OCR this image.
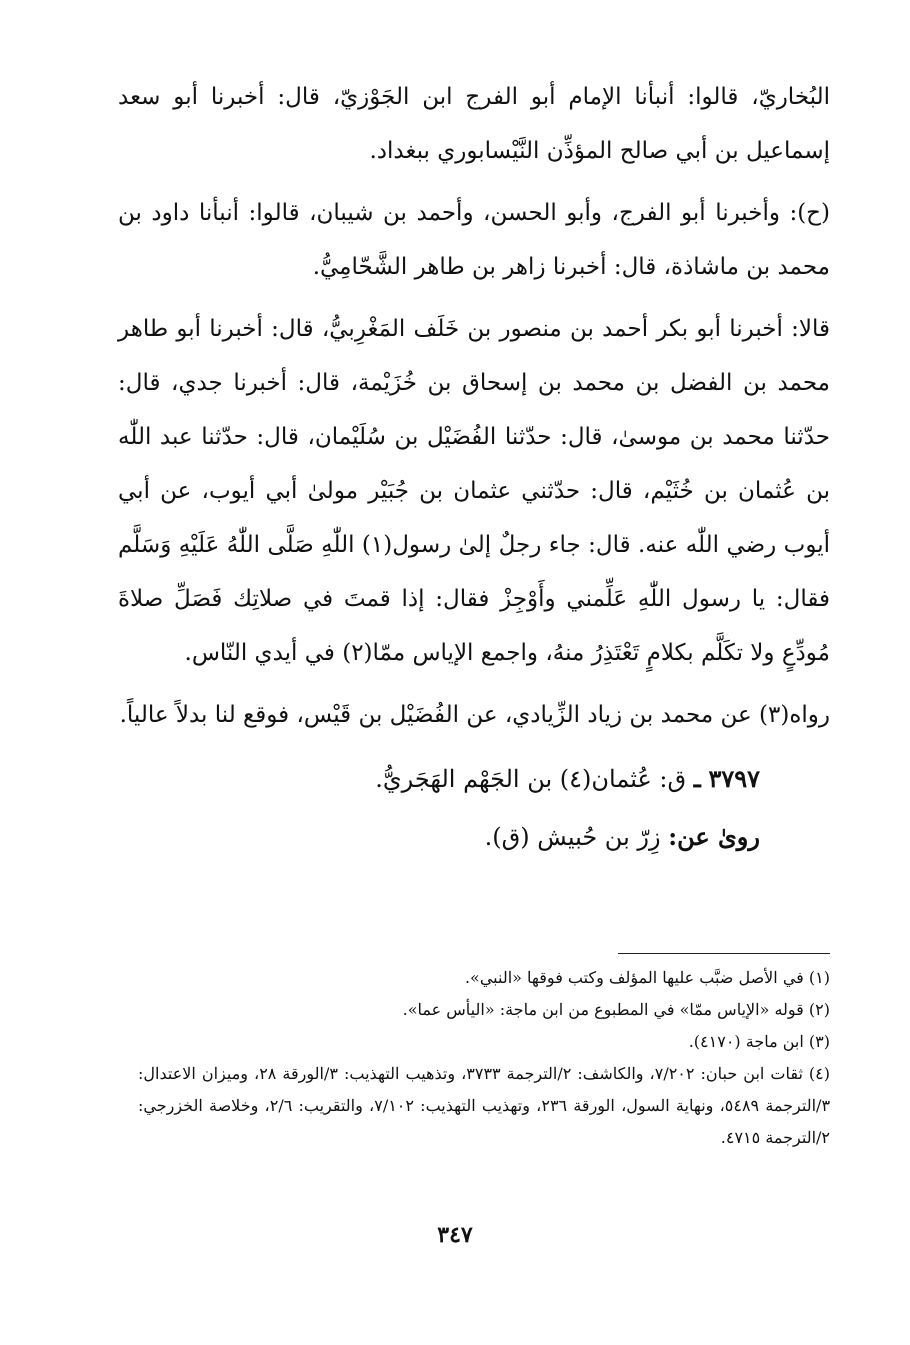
البُخاريّ، قالوا: أنبأنا الإمام أبو الفرج ابن الجَوْزيّ، قال: أخبرنا أبو سعد إسماعيل بن أبي صالح المؤذِّن النَّيْسابوري ببغداد.

(ح): وأخبرنا أبو الفرج، وأبو الحسن، وأحمد بن شيبان، قالوا: أنبأنا داود بن محمد بن ماشاذة، قال: أخبرنا زاهر بن طاهر الشَّحّامِيُّ.

قالا: أخبرنا أبو بكر أحمد بن منصور بن خَلَف المَغْرِبيُّ، قال: أخبرنا أبو طاهر محمد بن الفضل بن محمد بن إسحاق بن خُزَيْمة، قال: أخبرنا جدي، قال: حدّثنا محمد بن موسىٰ، قال: حدّثنا الفُضَيْل بن سُلَيْمان، قال: حدّثنا عبد اللّٰه بن عُثمان بن خُثَيْم، قال: حدّثني عثمان بن جُبَيْر مولىٰ أبي أيوب، عن أبي أيوب رضي اللّٰه عنه. قال: جاء رجلٌ إلىٰ رسول(١) اللّٰهِ صَلَّى اللّٰهُ عَلَيْهِ وَسَلَّم فقال: يا رسول اللّٰهِ عَلِّمني وأَوْجِزْ فقال: إذا قمتَ في صلاتِك فَصَلِّ صلاةَ مُودِّعٍ ولا تكَلَّم بكلامٍ تَعْتَذِرُ منهُ، واجمع الإياس ممّا(٢) في أيدي النّاس.

رواه(٣) عن محمد بن زياد الزِّيادي، عن الفُضَيْل بن قَيْس، فوقع لنا بدلاً عالياً.

٣٧٩٧ ـ ق: عُثمان(٤) بن الجَهْم الهَجَريُّ.
روىٰ عن: زِرّ بن حُبيش (ق).
(١) في الأصل ضبَّب عليها المؤلف وكتب فوقها «النبي».
(٢) قوله «الإياس ممّا» في المطبوع من ابن ماجة: «اليأس عما».
(٣) ابن ماجة (٤١٧٠).
(٤) ثقات ابن حبان: ٧/٢٠٢، والكاشف: ٢/الترجمة ٣٧٣٣، وتذهيب التهذيب: ٣/الورقة ٢٨، وميزان الاعتدال: ٣/الترجمة ٥٤٨٩، ونهاية السول، الورقة ٢٣٦، وتهذيب التهذيب: ٧/١٠٢، والتقريب: ٢/٦، وخلاصة الخزرجي: ٢/الترجمة ٤٧١٥.
٣٤٧
